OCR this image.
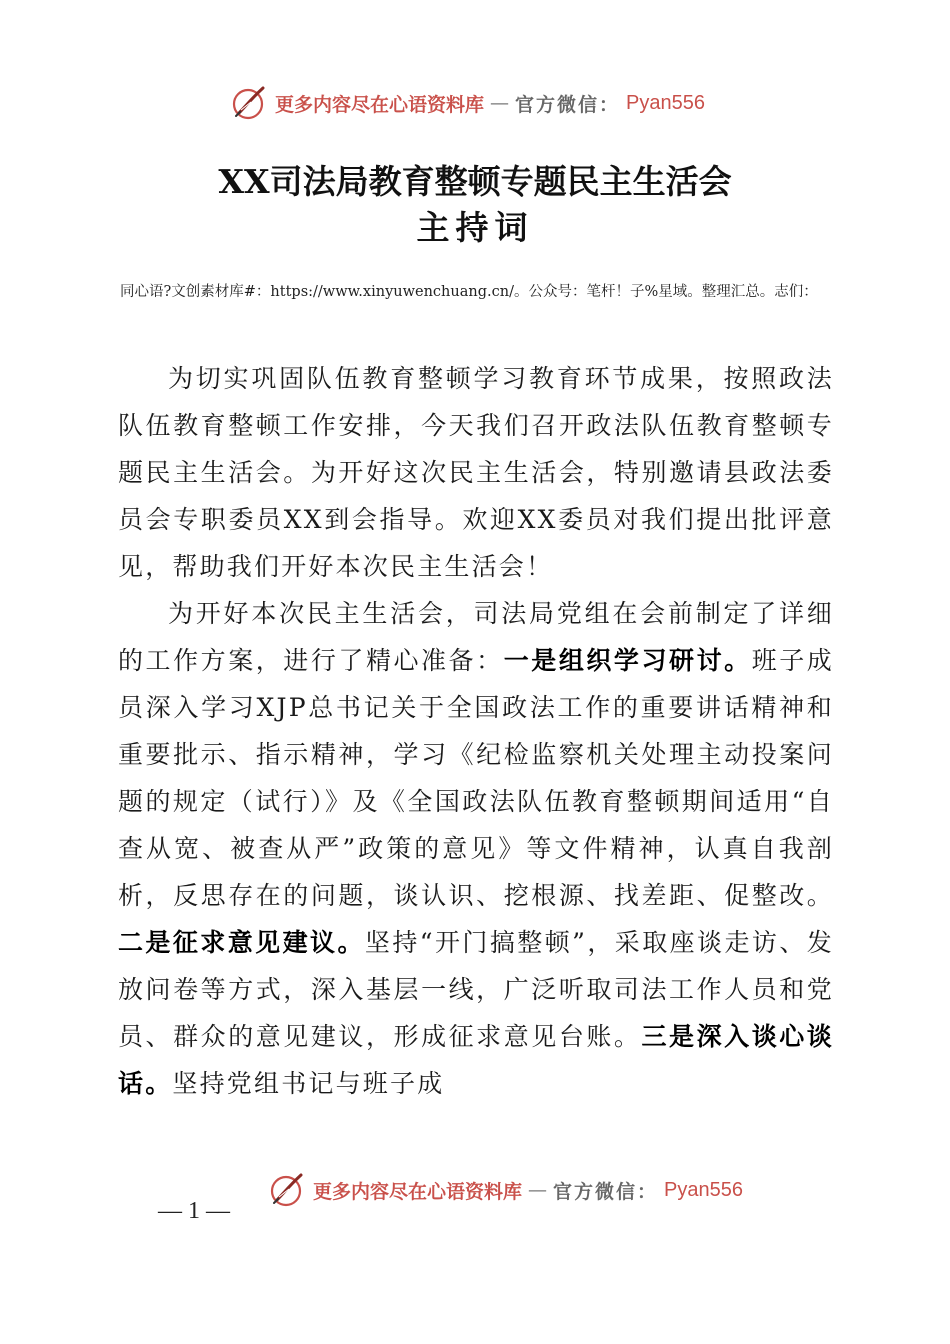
更多内容尽在心语资料库 — 官方微信： Pyan556
XX司法局教育整顿专题民主生活会
主持词
同心语?文创素材库#：https://www.xinyuwenchuang.cn/。公众号：笔杆！子%星域。整理汇总。志们：

为切实巩固队伍教育整顿学习教育环节成果，按照政法队伍教育整顿工作安排，今天我们召开政法队伍教育整顿专题民主生活会。为开好这次民主生活会，特别邀请县政法委员会专职委员XX到会指导。欢迎XX委员对我们提出批评意见，帮助我们开好本次民主生活会！

为开好本次民主生活会，司法局党组在会前制定了详细的工作方案，进行了精心准备：一是组织学习研讨。班子成员深入学习XJP总书记关于全国政法工作的重要讲话精神和重要批示、指示精神，学习《纪检监察机关处理主动投案问题的规定（试行）》及《全国政法队伍教育整顿期间适用“自查从宽、被查从严”政策的意见》等文件精神，认真自我剖析，反思存在的问题，谈认识、挖根源、找差距、促整改。二是征求意见建议。坚持“开门搞整顿”，采取座谈走访、发放问卷等方式，深入基层一线，广泛听取司法工作人员和党员、群众的意见建议，形成征求意见台账。三是深入谈心谈话。坚持党组书记与班子成

更多内容尽在心语资料库 — 官方微信： Pyan556
— 1 —
